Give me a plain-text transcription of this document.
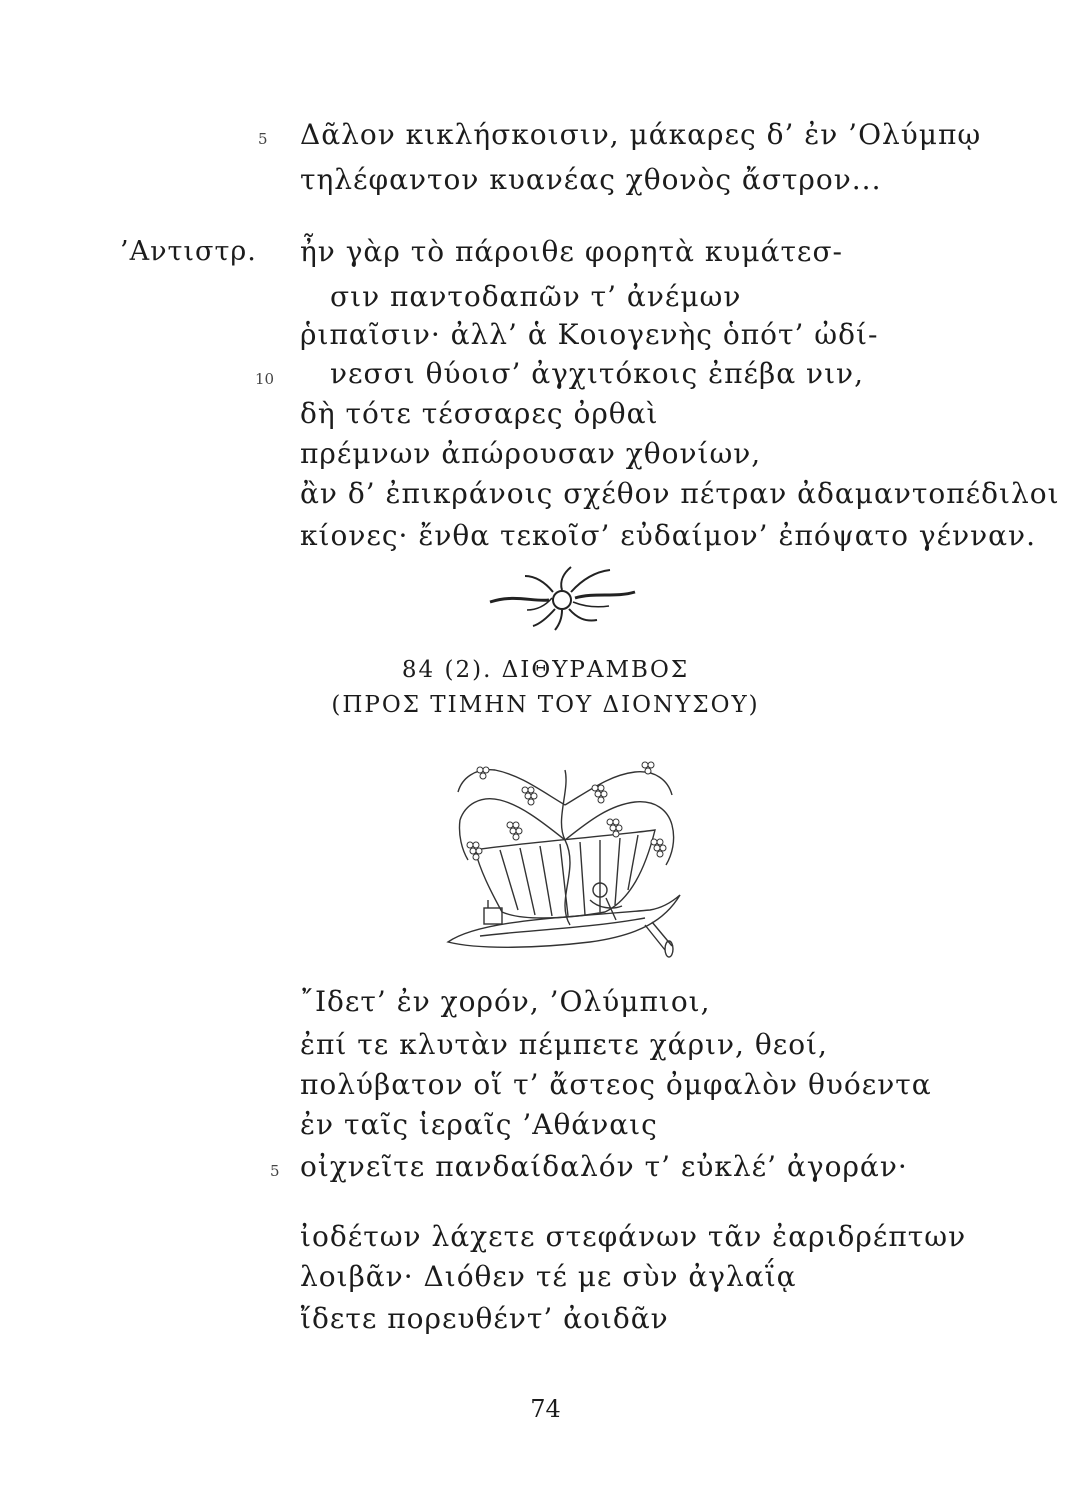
5 Δᾶλον κικλήσκοισιν, μάκαρες δ’ ἐν ’Ολύμπῳ
τηλέφαντον κυανέας χθονὸς ἄστρον...
’Αντιστρ. ἦν γὰρ τὸ πάροιθε φορητὰ κυμάτεσ-
σιν παντοδαπῶν τ’ ἀνέμων
ῥιπαῖσιν· ἀλλ’ ἁ Κοιογενὴς ὁπότ’ ὠδί-
10 νεσσι θύοισ’ ἀγχιτόκοις ἐπέβα νιν,
δὴ τότε τέσσαρες ὀρθαὶ
πρέμνων ἀπώρουσαν χθονίων,
ἂν δ’ ἐπικράνοις σχέθον πέτραν ἀδαμαντοπέδιλοι
κίονες· ἔνθα τεκοῖσ’ εὐδαίμον’ ἐπόψατο γένναν.
84 (2). ΔΙΘΥΡΑΜΒΟΣ
(ΠΡΟΣ ΤΙΜΗΝ ΤΟΥ ΔΙΟΝΥΣΟΥ)
῎Ιδετ’ ἐν χορόν, ’Ολύμπιοι,
ἐπί τε κλυτὰν πέμπετε χάριν, θεοί,
πολύβατον οἵ τ’ ἄστεος ὀμφαλὸν θυόεντα
ἐν ταῖς ἱεραῖς ’Αθάναις
5 οἰχνεῖτε πανδαίδαλόν τ’ εὐκλέ’ ἀγοράν·
ἰοδέτων λάχετε στεφάνων τᾶν ἐαριδρέπτων
λοιβᾶν· Διόθεν τέ με σὺν ἀγλαΐᾳ
ἴδετε πορευθέντ’ ἀοιδᾶν
74
